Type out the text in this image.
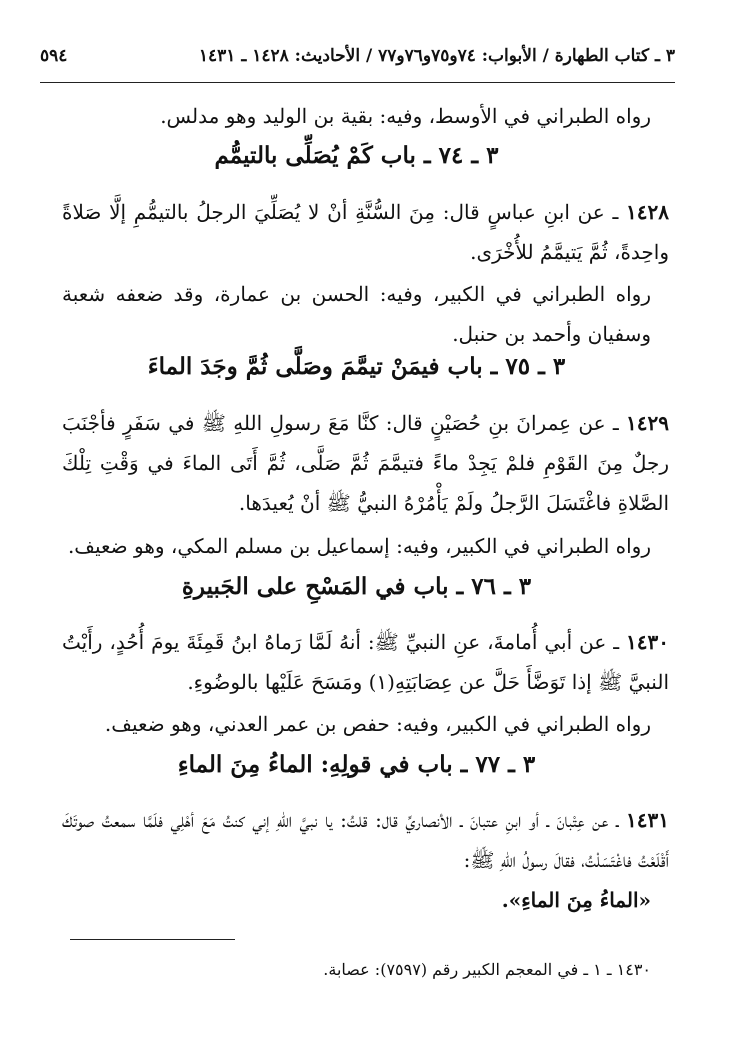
٣ ـ كتاب الطهارة / الأبواب: ٧٤و٧٥و٧٦و٧٧ / الأحاديث: ١٤٢٨ ـ ١٤٣١
٥٩٤
رواه الطبراني في الأوسط، وفيه: بقية بن الوليد وهو مدلس.
٣ ـ ٧٤ ـ باب كَمْ يُصَلِّى بالتيمُّم
١٤٢٨ ـ عن ابنِ عباسٍ قال: مِنَ السُّنَّةِ أنْ لا يُصَلِّيَ الرجلُ بالتيمُّمِ إلَّا صَلاةً واحِدةً، ثُمَّ يَتيمَّمُ للأُخْرَى.
رواه الطبراني في الكبير، وفيه: الحسن بن عمارة، وقد ضعفه شعبة وسفيان وأحمد بن حنبل.
٣ ـ ٧٥ ـ باب فيمَنْ تيمَّمَ وصَلَّى ثُمَّ وجَدَ الماءَ
١٤٢٩ ـ عن عِمرانَ بنِ حُصَيْنٍ قال: كنَّا مَعَ رسولِ اللهِ ﷺ في سَفَرٍ فأجْنَبَ رجلٌ مِنَ القَوْمِ فلمْ يَجِدْ ماءً فتيمَّمَ ثُمَّ صَلَّى، ثُمَّ أَتَى الماءَ في وَقْتِ تِلْكَ الصَّلاةِ فاغْتَسَلَ الرَّجلُ ولَمْ يَأْمُرْهُ النبيُّ ﷺ أنْ يُعيدَها.
رواه الطبراني في الكبير، وفيه: إسماعيل بن مسلم المكي، وهو ضعيف.
٣ ـ ٧٦ ـ باب في المَسْحِ على الجَبيرةِ
١٤٣٠ ـ عن أبي أُمامةَ، عنِ النبيِّ ﷺ: أنهُ لَمَّا رَماهُ ابنُ قَمِئَةَ يومَ أُحُدٍ، رأَيْتُ النبيَّ ﷺ إذا تَوَضَّأَ حَلَّ عن عِصَابَتِهِ(١) ومَسَحَ عَلَيْها بالوضُوءِ.
رواه الطبراني في الكبير، وفيه: حفص بن عمر العدني، وهو ضعيف.
٣ ـ ٧٧ ـ باب في قولِهِ: الماءُ مِنَ الماءِ
١٤٣١ ـ عن عِتْبانَ ـ أو ابنِ عتبانَ ـ الأنصاريِّ قال: قلتُ: يا نبيَّ اللهِ إني كنتُ مَعَ أهْلِي فلَمَّا سمعتُ صوتَكَ أَقْلَعْتُ فاغْتَسَلْتُ، فقالَ رسولُ اللهِ ﷺ:
«الماءُ مِنَ الماءِ».
١٤٣٠ ـ ١ ـ في المعجم الكبير رقم (٧٥٩٧): عصابة.
